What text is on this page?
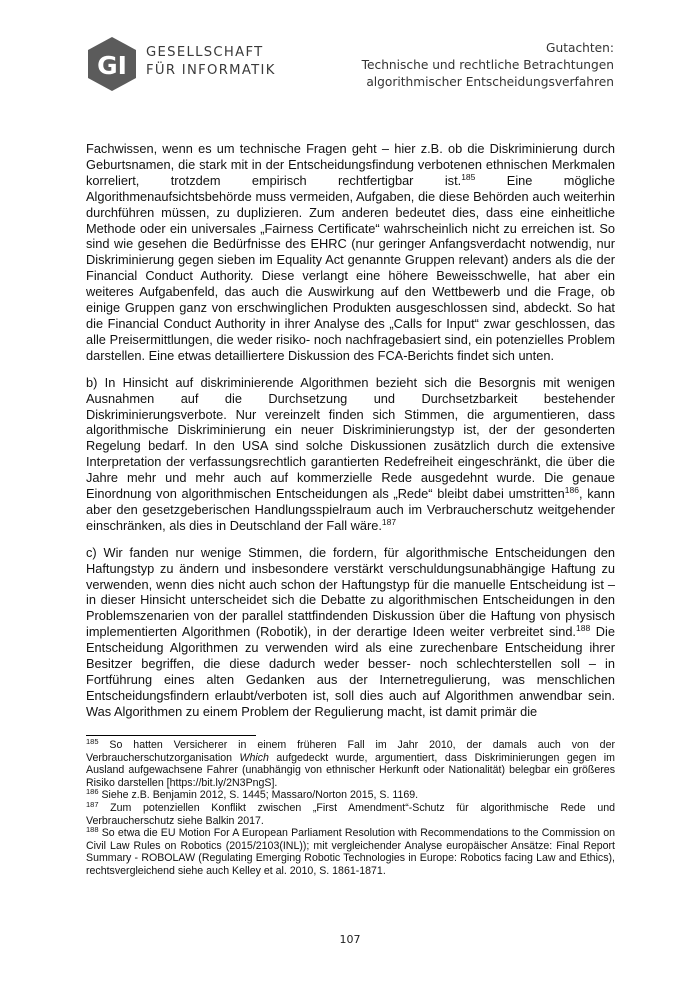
GI GESELLSCHAFT
FÜR INFORMATIK
Gutachten:
Technische und rechtliche Betrachtungen
algorithmischer Entscheidungsverfahren

Fachwissen, wenn es um technische Fragen geht – hier z.B. ob die Diskriminierung durch Geburtsnamen, die stark mit in der Entscheidungsfindung verbotenen ethnischen Merkmalen korreliert, trotzdem empirisch rechtfertigbar ist.$^{185}$ Eine mögliche Algorithmenaufsichtsbehörde muss vermeiden, Aufgaben, die diese Behörden auch weiterhin durchführen müssen, zu duplizieren. Zum anderen bedeutet dies, dass eine einheitliche Methode oder ein universales „Fairness Certificate“ wahrscheinlich nicht zu erreichen ist. So sind wie gesehen die Bedürfnisse des EHRC (nur geringer Anfangsverdacht notwendig, nur Diskriminierung gegen sieben im Equality Act genannte Gruppen relevant) anders als die der Financial Conduct Authority. Diese verlangt eine höhere Beweisschwelle, hat aber ein weiteres Aufgabenfeld, das auch die Auswirkung auf den Wettbewerb und die Frage, ob einige Gruppen ganz von erschwinglichen Produkten ausgeschlossen sind, abdeckt. So hat die Financial Conduct Authority in ihrer Analyse des „Calls for Input“ zwar geschlossen, das alle Preisermittlungen, die weder risiko- noch nachfragebasiert sind, ein potenzielles Problem darstellen. Eine etwas detailliertere Diskussion des FCA-Berichts findet sich unten.

b) In Hinsicht auf diskriminierende Algorithmen bezieht sich die Besorgnis mit wenigen Ausnahmen auf die Durchsetzung und Durchsetzbarkeit bestehender Diskriminierungsverbote. Nur vereinzelt finden sich Stimmen, die argumentieren, dass algorithmische Diskriminierung ein neuer Diskriminierungstyp ist, der der gesonderten Regelung bedarf. In den USA sind solche Diskussionen zusätzlich durch die extensive Interpretation der verfassungsrechtlich garantierten Redefreiheit eingeschränkt, die über die Jahre mehr und mehr auch auf kommerzielle Rede ausgedehnt wurde. Die genaue Einordnung von algorithmischen Entscheidungen als „Rede“ bleibt dabei umstritten$^{186}$, kann aber den gesetzgeberischen Handlungsspielraum auch im Verbraucherschutz weitgehender einschränken, als dies in Deutschland der Fall wäre.$^{187}$

c) Wir fanden nur wenige Stimmen, die fordern, für algorithmische Entscheidungen den Haftungstyp zu ändern und insbesondere verstärkt verschuldungsunabhängige Haftung zu verwenden, wenn dies nicht auch schon der Haftungstyp für die manuelle Entscheidung ist – in dieser Hinsicht unterscheidet sich die Debatte zu algorithmischen Entscheidungen in den Problemszenarien von der parallel stattfindenden Diskussion über die Haftung von physisch implementierten Algorithmen (Robotik), in der derartige Ideen weiter verbreitet sind.$^{188}$ Die Entscheidung Algorithmen zu verwenden wird als eine zurechenbare Entscheidung ihrer Besitzer begriffen, die diese dadurch weder besser- noch schlechterstellen soll – in Fortführung eines alten Gedanken aus der Internetregulierung, was menschlichen Entscheidungsfindern erlaubt/verboten ist, soll dies auch auf Algorithmen anwendbar sein. Was Algorithmen zu einem Problem der Regulierung macht, ist damit primär die

$^{185}$ So hatten Versicherer in einem früheren Fall im Jahr 2010, der damals auch von der Verbraucherschutzorganisation Which aufgedeckt wurde, argumentiert, dass Diskriminierungen gegen im Ausland aufgewachsene Fahrer (unabhängig von ethnischer Herkunft oder Nationalität) belegbar ein größeres Risiko darstellen [https://bit.ly/2N3PngS].

$^{186}$ Siehe z.B. Benjamin 2012, S. 1445; Massaro/Norton 2015, S. 1169.

$^{187}$ Zum potenziellen Konflikt zwischen „First Amendment“-Schutz für algorithmische Rede und Verbraucherschutz siehe Balkin 2017.

$^{188}$ So etwa die EU Motion For A European Parliament Resolution with Recommendations to the Commission on Civil Law Rules on Robotics (2015/2103(INL)); mit vergleichender Analyse europäischer Ansätze: Final Report Summary - ROBOLAW (Regulating Emerging Robotic Technologies in Europe: Robotics facing Law and Ethics), rechtsvergleichend siehe auch Kelley et al. 2010, S. 1861-1871.

107
